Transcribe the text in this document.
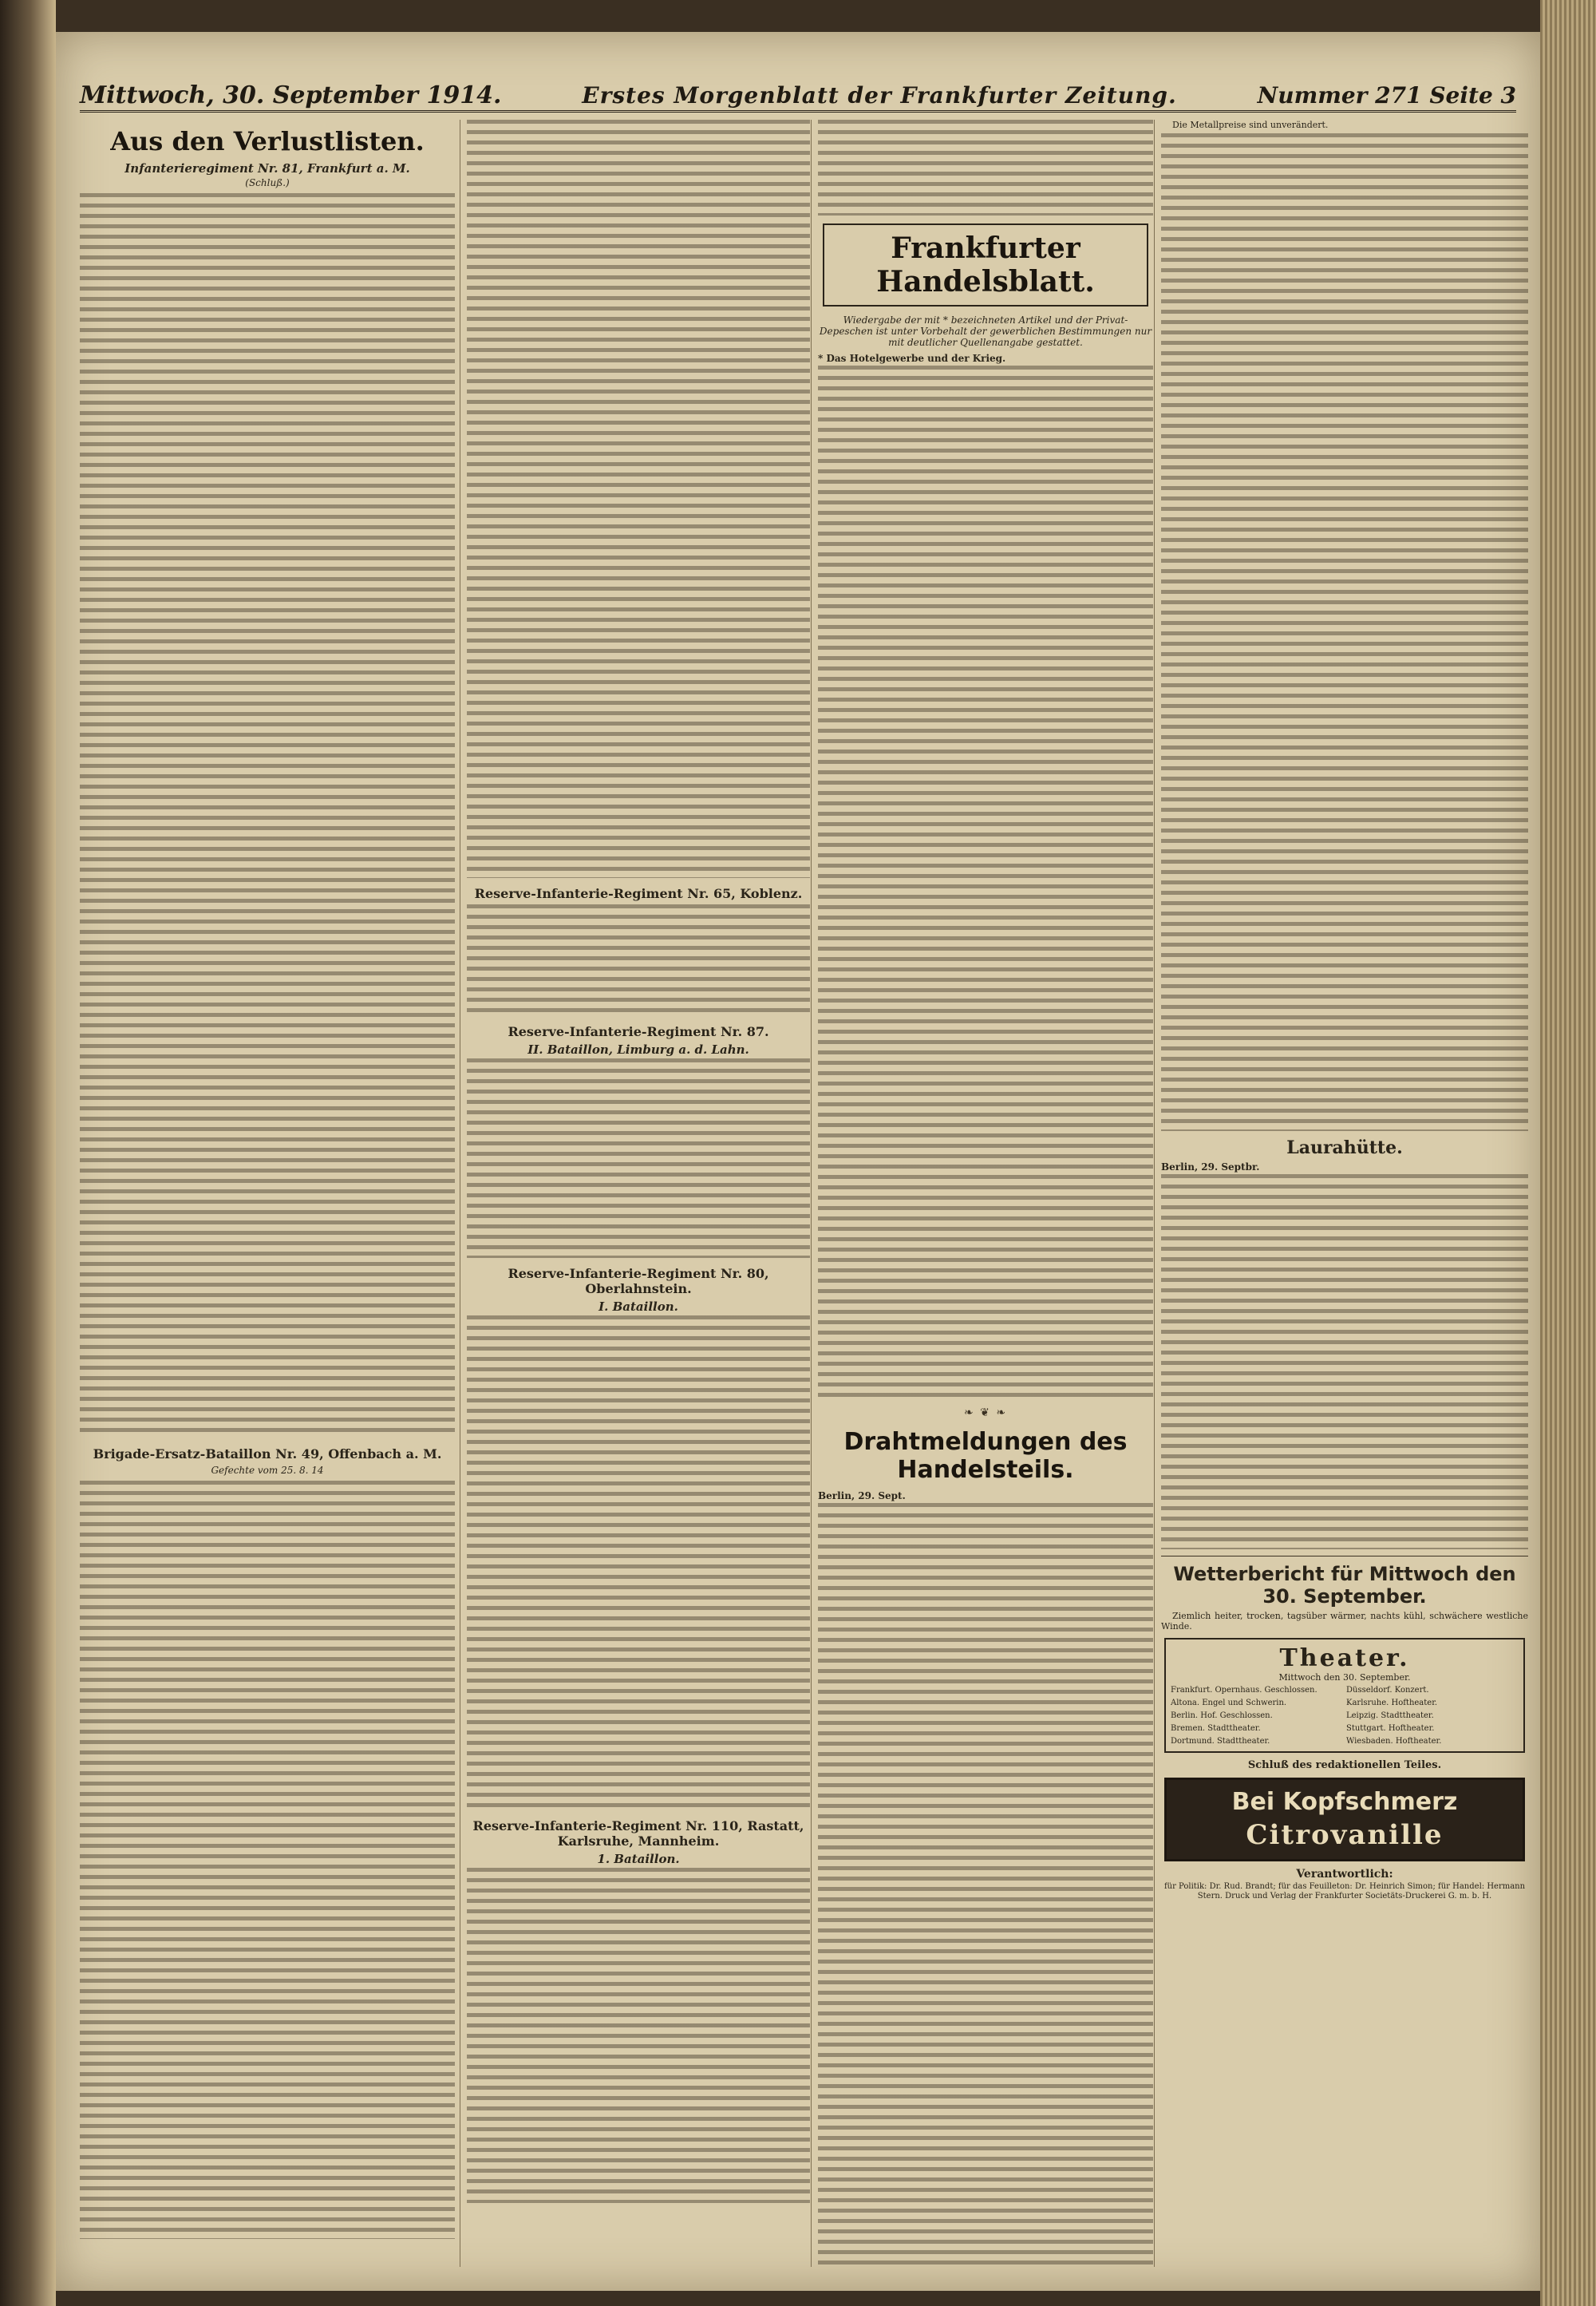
Mittwoch, 30. September 1914.	Erstes Morgenblatt der Frankfurter Zeitung.	Nummer 271 Seite 3
Aus den Verlustlisten.
Infanterieregiment Nr. 81, Frankfurt a. M.
(Schluß.)
Brigade-Ersatz-Bataillon Nr. 49, Offenbach a. M.
Gefechte vom 25. 8. 14
Reserve-Infanterie-Regiment Nr. 65, Koblenz.
Reserve-Infanterie-Regiment Nr. 87.
II. Bataillon, Limburg a. d. Lahn.
Reserve-Infanterie-Regiment Nr. 80, Oberlahnstein.
I. Bataillon.
Reserve-Infanterie-Regiment Nr. 110, Rastatt, Karlsruhe, Mannheim.
1. Bataillon.
Frankfurter Handelsblatt.
Wiedergabe der mit * bezeichneten Artikel und der Privat-Depeschen ist unter Vorbehalt der gewerblichen Bestimmungen nur mit deutlicher Quellenangabe gestattet.
* Das Hotelgewerbe und der Krieg.
❧ ❦ ❧
Drahtmeldungen des Handelsteils.
Berlin, 29. Sept.
Die Metallpreise sind unverändert.
Laurahütte.
Berlin, 29. Septbr.
Wetterbericht für Mittwoch den 30. September.
Ziemlich heiter, trocken, tagsüber wärmer, nachts kühl, schwächere westliche Winde.
Theater.
Mittwoch den 30. September.
Frankfurt. Opernhaus. Geschlossen.	Düsseldorf. Konzert.
Altona. Engel und Schwerin.	Karlsruhe. Hoftheater.
Berlin. Hof. Geschlossen.	Leipzig. Stadttheater.
Bremen. Stadttheater.	Stuttgart. Hoftheater.
Dortmund. Stadttheater.	Wiesbaden. Hoftheater.
Schluß des redaktionellen Teiles.
Bei Kopfschmerz
Citrovanille
Verantwortlich:
für Politik: Dr. Rud. Brandt; für das Feuilleton: Dr. Heinrich Simon; für Handel: Hermann Stern. Druck und Verlag der Frankfurter Societäts-Druckerei G. m. b. H.
